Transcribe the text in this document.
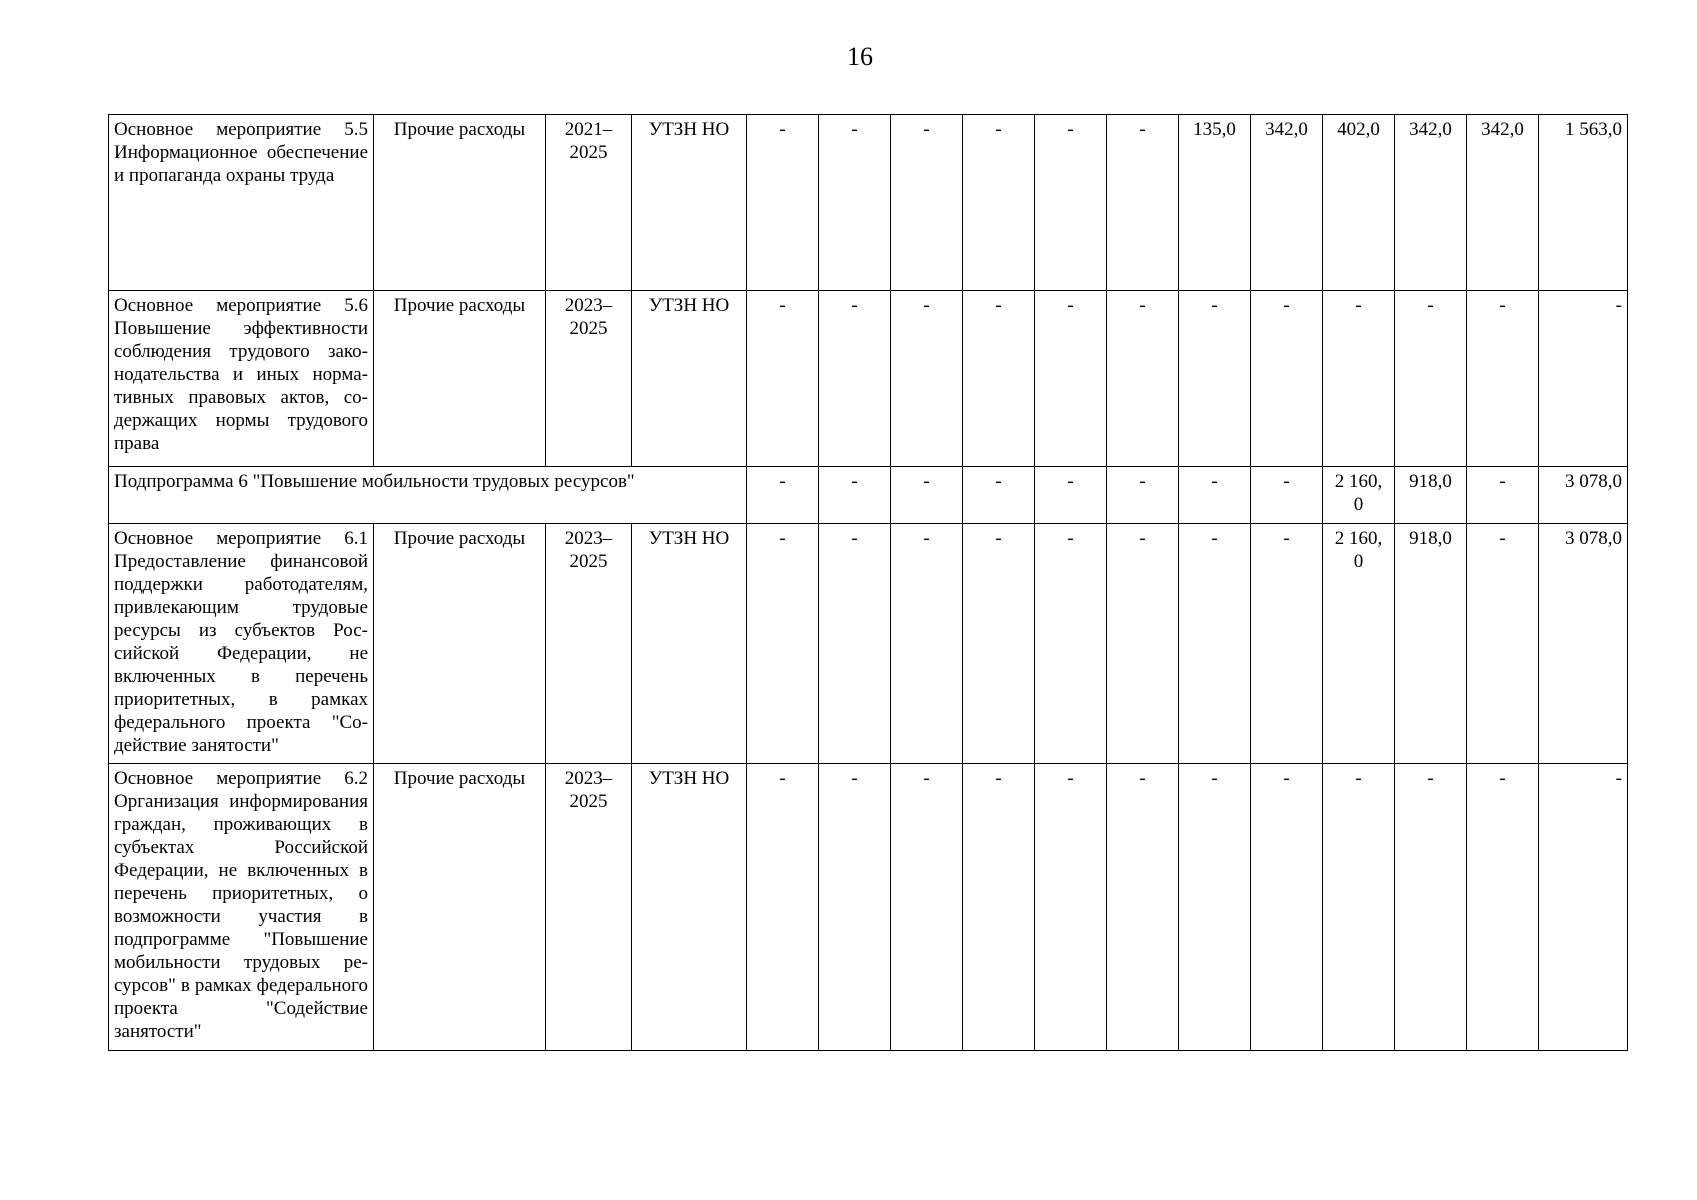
16
Основное мероприятие 5.5 Информационное обеспечение и пропаганда охраны труда	Прочие расходы	2021–2025	УТЗН НО	-	-	-	-	-	-	135,0	342,0	402,0	342,0	342,0	1 563,0
Основное мероприятие 5.6 Повышение эффективности соблюдения трудового законодательства и иных нормативных правовых актов, содержащих нормы трудового права	Прочие расходы	2023–2025	УТЗН НО	-	-	-	-	-	-	-	-	-	-	-	-
Подпрограмма 6 "Повышение мобильности трудовых ресурсов"				-	-	-	-	-	-	-	-	2 160, 0	918,0	-	3 078,0
Основное мероприятие 6.1 Предоставление финансовой поддержки работодателям, привлекающим трудовые ресурсы из субъектов Российской Федерации, не включенных в перечень приоритетных, в рамках федерального проекта "Содействие занятости"	Прочие расходы	2023–2025	УТЗН НО	-	-	-	-	-	-	-	-	2 160, 0	918,0	-	3 078,0
Основное мероприятие 6.2 Организация информирования граждан, проживающих в субъектах Российской Федерации, не включенных в перечень приоритетных, о возможности участия в подпрограмме "Повышение мобильности трудовых ресурсов" в рамках федерального проекта "Содействие занятости"	Прочие расходы	2023–2025	УТЗН НО	-	-	-	-	-	-	-	-	-	-	-	-
